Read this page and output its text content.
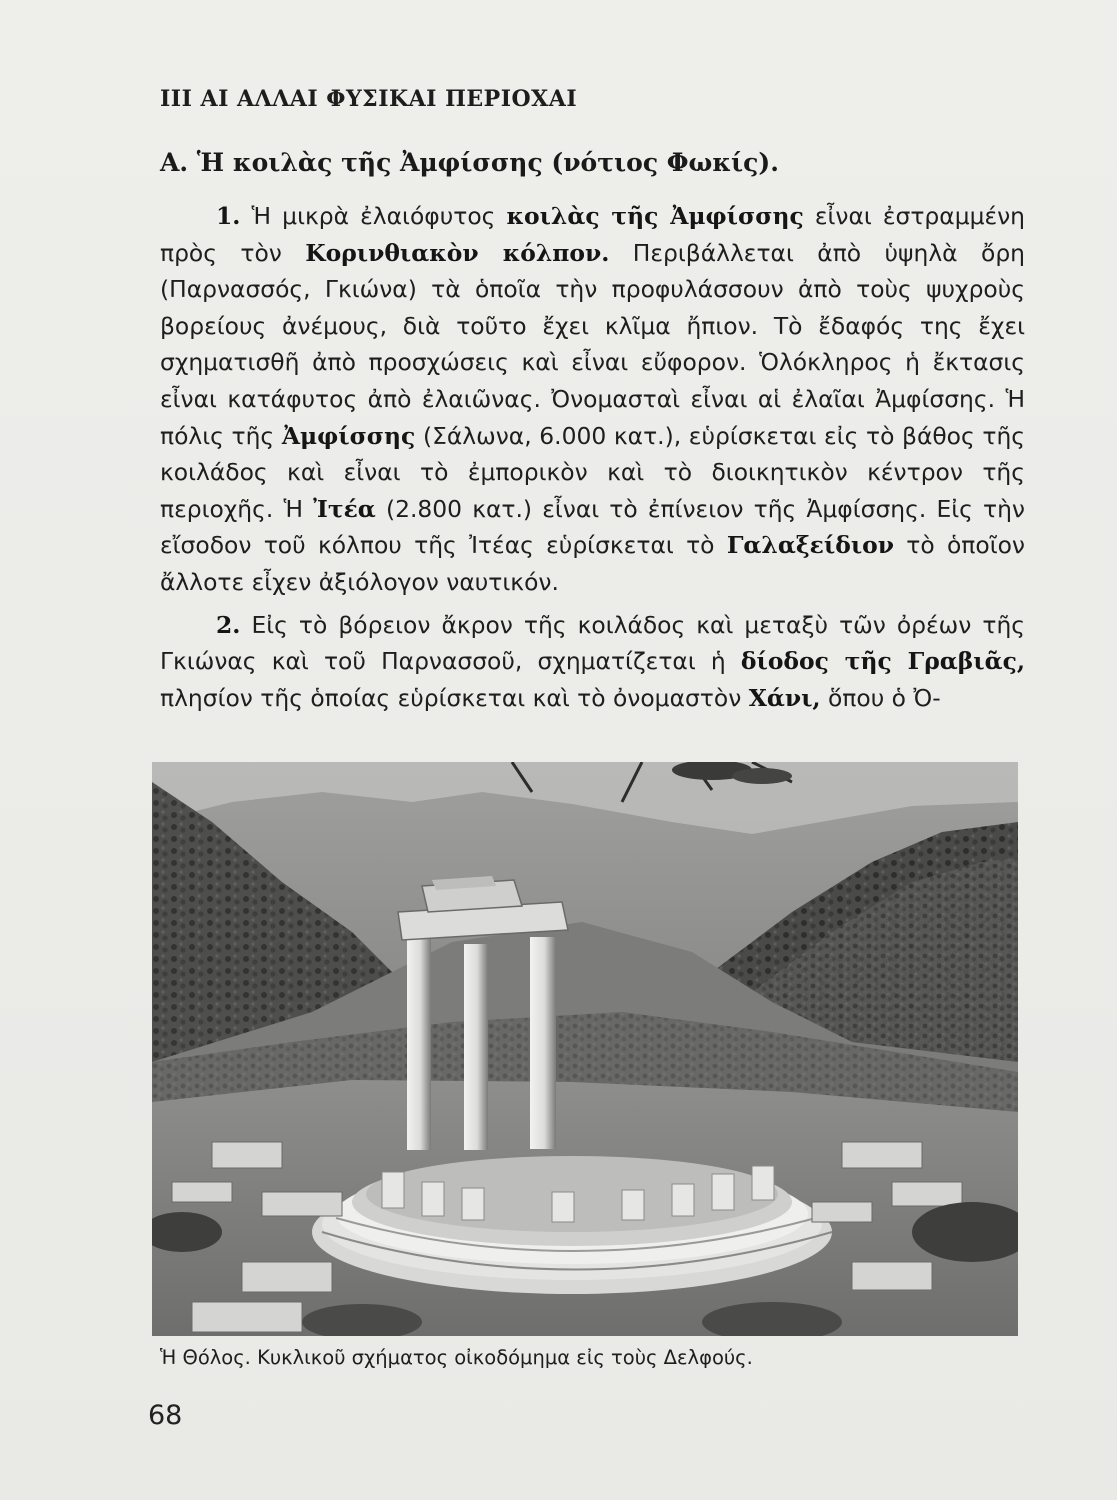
III ΑΙ ΑΛΛΑΙ ΦΥΣΙΚΑΙ ΠΕΡΙΟΧΑΙ
Α. Ἡ κοιλὰς τῆς Ἀμφίσσης (νότιος Φωκίς).

1. Ἡ μικρὰ ἐλαιόφυτος κοιλὰς τῆς Ἀμφίσσης εἶναι ἐστραμμένη πρὸς τὸν Κορινθιακὸν κόλπον. Περιβάλλεται ἀπὸ ὑψηλὰ ὄρη (Παρνασσός, Γκιώνα) τὰ ὁποῖα τὴν προφυλάσσουν ἀπὸ τοὺς ψυχροὺς βορείους ἀνέμους, διὰ τοῦτο ἔχει κλῖμα ἤπιον. Τὸ ἔδαφός της ἔχει σχηματισθῆ ἀπὸ προσχώσεις καὶ εἶναι εὔφορον. Ὁλόκληρος ἡ ἔκτασις εἶναι κατάφυτος ἀπὸ ἐλαιῶνας. Ὀνομασταὶ εἶναι αἱ ἐλαῖαι Ἀμφίσσης. Ἡ πόλις τῆς Ἀμφίσσης (Σάλωνα, 6.000 κατ.), εὑρίσκεται εἰς τὸ βάθος τῆς κοιλάδος καὶ εἶναι τὸ ἐμπορικὸν καὶ τὸ διοικητικὸν κέντρον τῆς περιοχῆς. Ἡ Ἰτέα (2.800 κατ.) εἶναι τὸ ἐπίνειον τῆς Ἀμφίσσης. Εἰς τὴν εἴσοδον τοῦ κόλπου τῆς Ἰτέας εὑρίσκεται τὸ Γαλαξείδιον τὸ ὁποῖον ἄλλοτε εἶχεν ἀξιόλογον ναυτικόν.

2. Εἰς τὸ βόρειον ἄκρον τῆς κοιλάδος καὶ μεταξὺ τῶν ὀρέων τῆς Γκιώνας καὶ τοῦ Παρνασσοῦ, σχηματίζεται ἡ δίοδος τῆς Γραβιᾶς, πλησίον τῆς ὁποίας εὑρίσκεται καὶ τὸ ὀνομαστὸν Χάνι, ὅπου ὁ Ὀ-

Ἡ Θόλος. Κυκλικοῦ σχήματος οἰκοδόμημα εἰς τοὺς Δελφούς.
68
